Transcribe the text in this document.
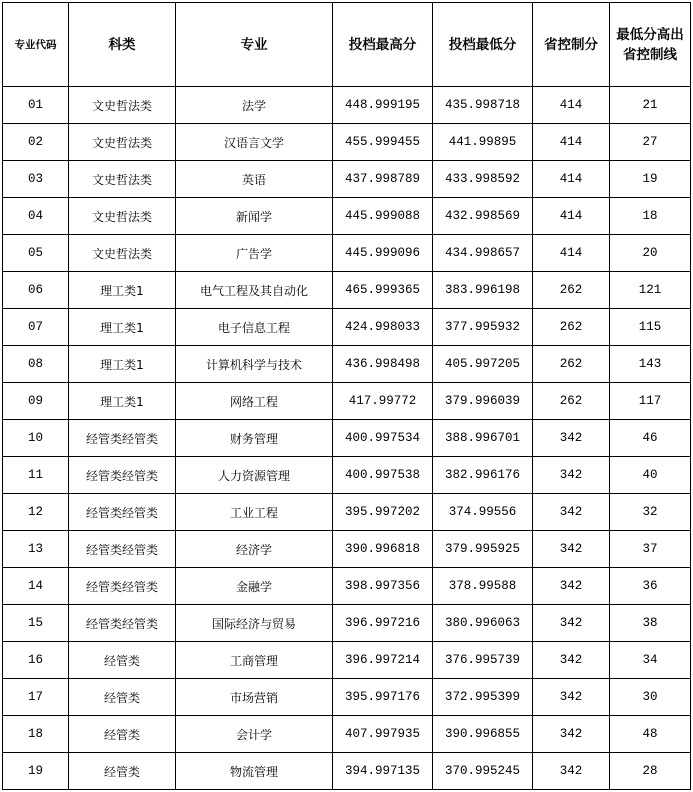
专业代码	科类	专业	投档最高分	投档最低分	省控制分	最低分高出省控制线
01	文史哲法类	法学	448.999195	435.998718	414	21
02	文史哲法类	汉语言文学	455.999455	441.99895	414	27
03	文史哲法类	英语	437.998789	433.998592	414	19
04	文史哲法类	新闻学	445.999088	432.998569	414	18
05	文史哲法类	广告学	445.999096	434.998657	414	20
06	理工类1	电气工程及其自动化	465.999365	383.996198	262	121
07	理工类1	电子信息工程	424.998033	377.995932	262	115
08	理工类1	计算机科学与技术	436.998498	405.997205	262	143
09	理工类1	网络工程	417.99772	379.996039	262	117
10	经管类经管类	财务管理	400.997534	388.996701	342	46
11	经管类经管类	人力资源管理	400.997538	382.996176	342	40
12	经管类经管类	工业工程	395.997202	374.99556	342	32
13	经管类经管类	经济学	390.996818	379.995925	342	37
14	经管类经管类	金融学	398.997356	378.99588	342	36
15	经管类经管类	国际经济与贸易	396.997216	380.996063	342	38
16	经管类	工商管理	396.997214	376.995739	342	34
17	经管类	市场营销	395.997176	372.995399	342	30
18	经管类	会计学	407.997935	390.996855	342	48
19	经管类	物流管理	394.997135	370.995245	342	28
